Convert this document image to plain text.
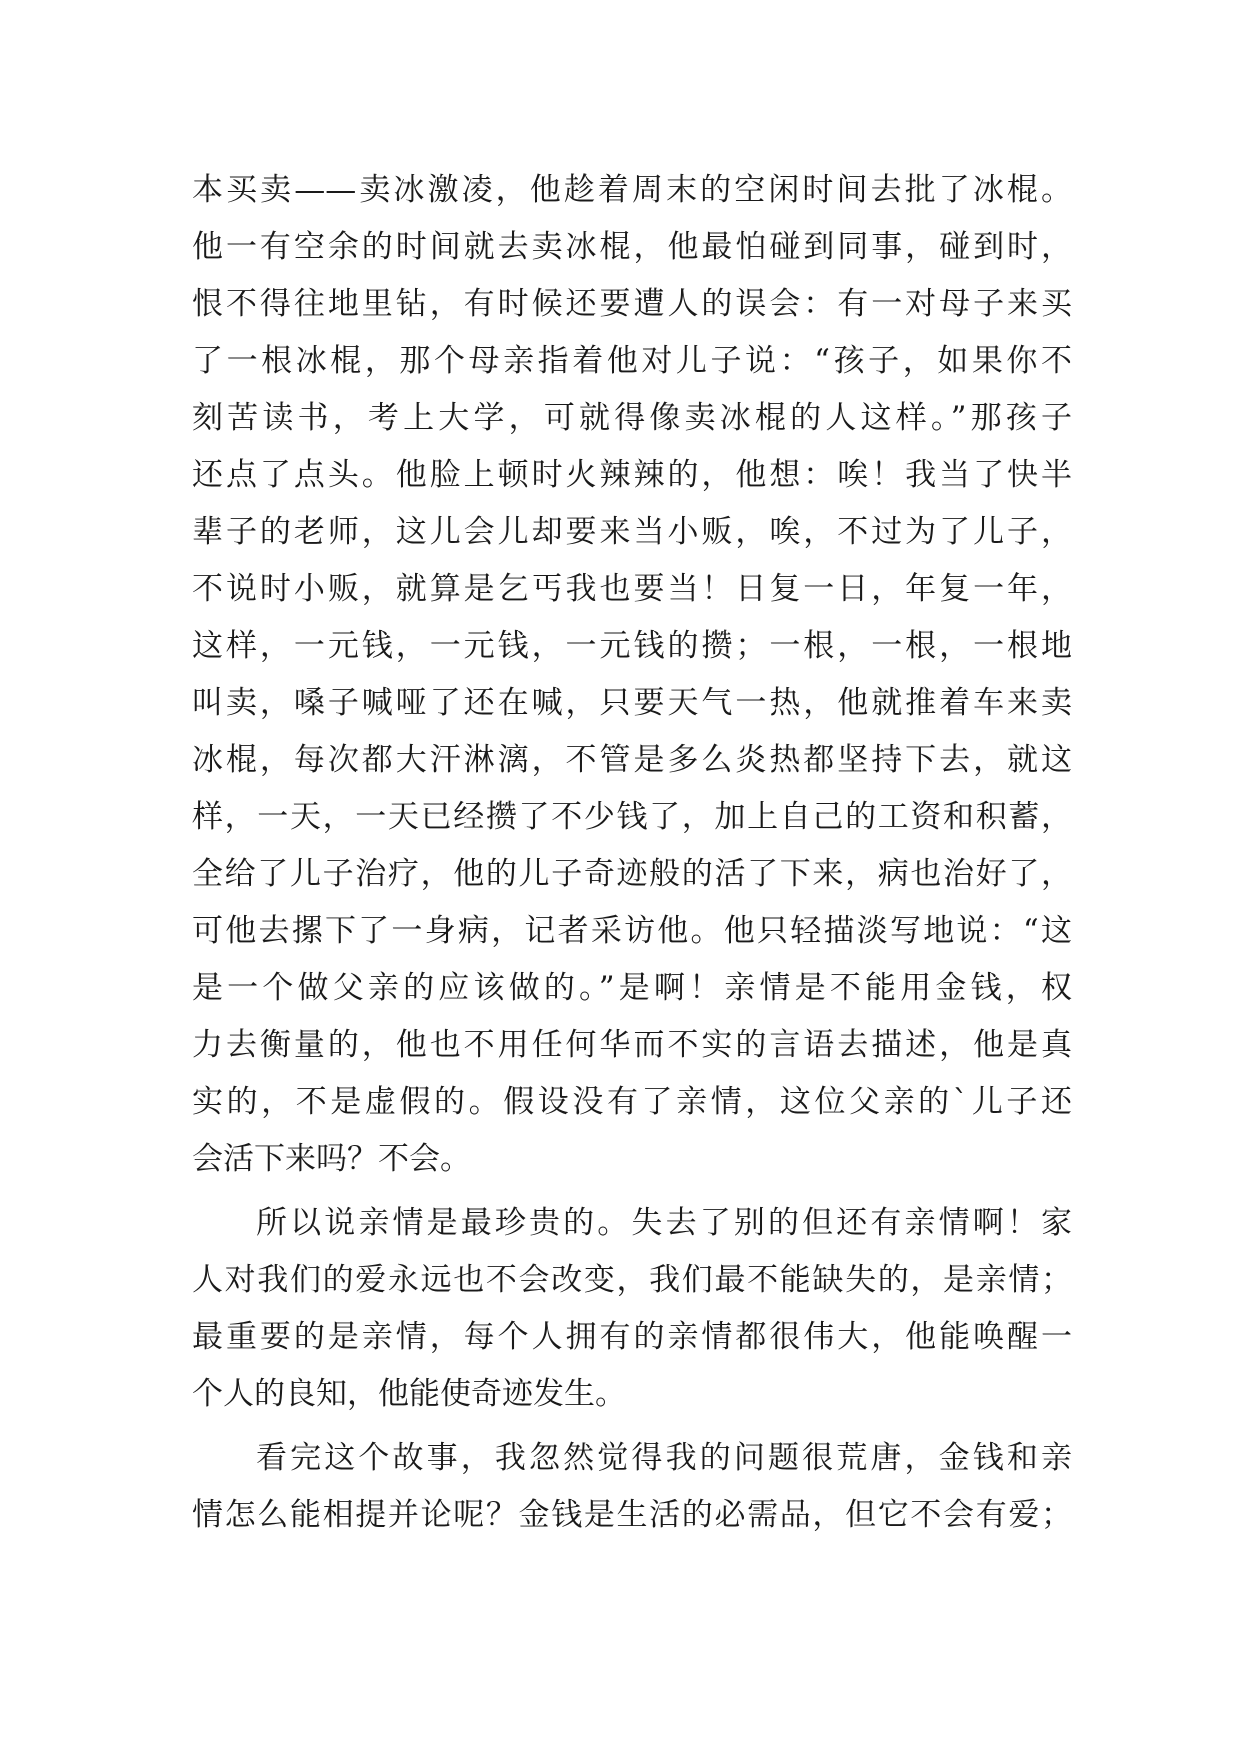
本买卖——卖冰激凌，他趁着周末的空闲时间去批了冰棍。
他一有空余的时间就去卖冰棍，他最怕碰到同事，碰到时，
恨不得往地里钻，有时候还要遭人的误会：有一对母子来买
了一根冰棍，那个母亲指着他对儿子说：“孩子，如果你不
刻苦读书，考上大学，可就得像卖冰棍的人这样。”那孩子
还点了点头。他脸上顿时火辣辣的，他想：唉！我当了快半
辈子的老师，这儿会儿却要来当小贩，唉，不过为了儿子，
不说时小贩，就算是乞丐我也要当！日复一日，年复一年，
这样，一元钱，一元钱，一元钱的攒；一根，一根，一根地
叫卖，嗓子喊哑了还在喊，只要天气一热，他就推着车来卖
冰棍，每次都大汗淋漓，不管是多么炎热都坚持下去，就这
样，一天，一天已经攒了不少钱了，加上自己的工资和积蓄，
全给了儿子治疗，他的儿子奇迹般的活了下来，病也治好了，
可他去摞下了一身病，记者采访他。他只轻描淡写地说：“这
是一个做父亲的应该做的。”是啊！亲情是不能用金钱，权
力去衡量的，他也不用任何华而不实的言语去描述，他是真
实的，不是虚假的。假设没有了亲情，这位父亲的`儿子还
会活下来吗？不会。
所以说亲情是最珍贵的。失去了别的但还有亲情啊！家
人对我们的爱永远也不会改变，我们最不能缺失的，是亲情；
最重要的是亲情，每个人拥有的亲情都很伟大，他能唤醒一
个人的良知，他能使奇迹发生。
看完这个故事，我忽然觉得我的问题很荒唐，金钱和亲
情怎么能相提并论呢？金钱是生活的必需品，但它不会有爱；
